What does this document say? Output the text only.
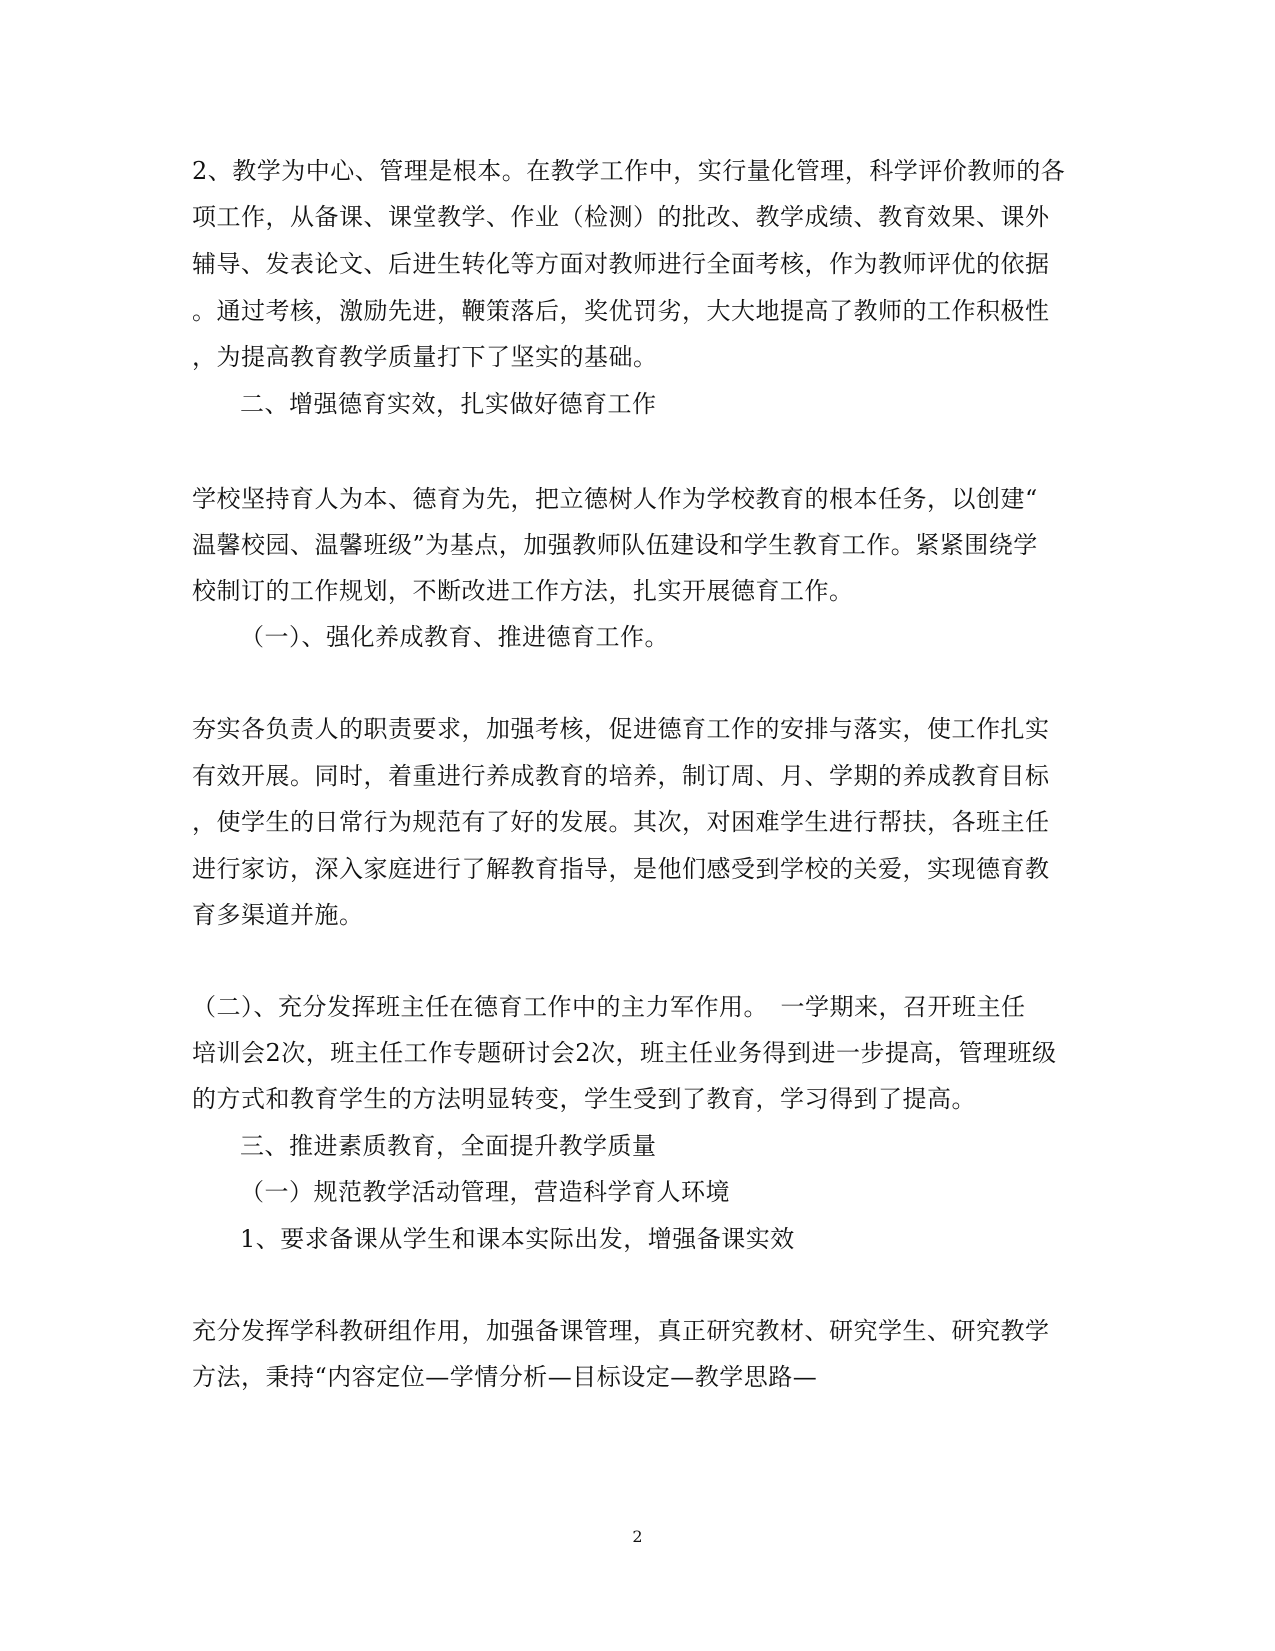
2、教学为中心、管理是根本。在教学工作中，实行量化管理，科学评价教师的各
项工作，从备课、课堂教学、作业（检测）的批改、教学成绩、教育效果、课外
辅导、发表论文、后进生转化等方面对教师进行全面考核，作为教师评优的依据
。通过考核，激励先进，鞭策落后，奖优罚劣，大大地提高了教师的工作积极性
，为提高教育教学质量打下了坚实的基础。
二、增强德育实效，扎实做好德育工作
学校坚持育人为本、德育为先，把立德树人作为学校教育的根本任务，以创建“
温馨校园、温馨班级”为基点，加强教师队伍建设和学生教育工作。紧紧围绕学
校制订的工作规划，不断改进工作方法，扎实开展德育工作。
（一）、强化养成教育、推进德育工作。
夯实各负责人的职责要求，加强考核，促进德育工作的安排与落实，使工作扎实
有效开展。同时，着重进行养成教育的培养，制订周、月、学期的养成教育目标
，使学生的日常行为规范有了好的发展。其次，对困难学生进行帮扶，各班主任
进行家访，深入家庭进行了解教育指导，是他们感受到学校的关爱，实现德育教
育多渠道并施。
（二）、充分发挥班主任在德育工作中的主力军作用。　一学期来，召开班主任
培训会2次，班主任工作专题研讨会2次，班主任业务得到进一步提高，管理班级
的方式和教育学生的方法明显转变，学生受到了教育，学习得到了提高。
三、推进素质教育，全面提升教学质量
（一）规范教学活动管理，营造科学育人环境
1、要求备课从学生和课本实际出发，增强备课实效
充分发挥学科教研组作用，加强备课管理，真正研究教材、研究学生、研究教学
方法，秉持“内容定位—学情分析—目标设定—教学思路—
2
